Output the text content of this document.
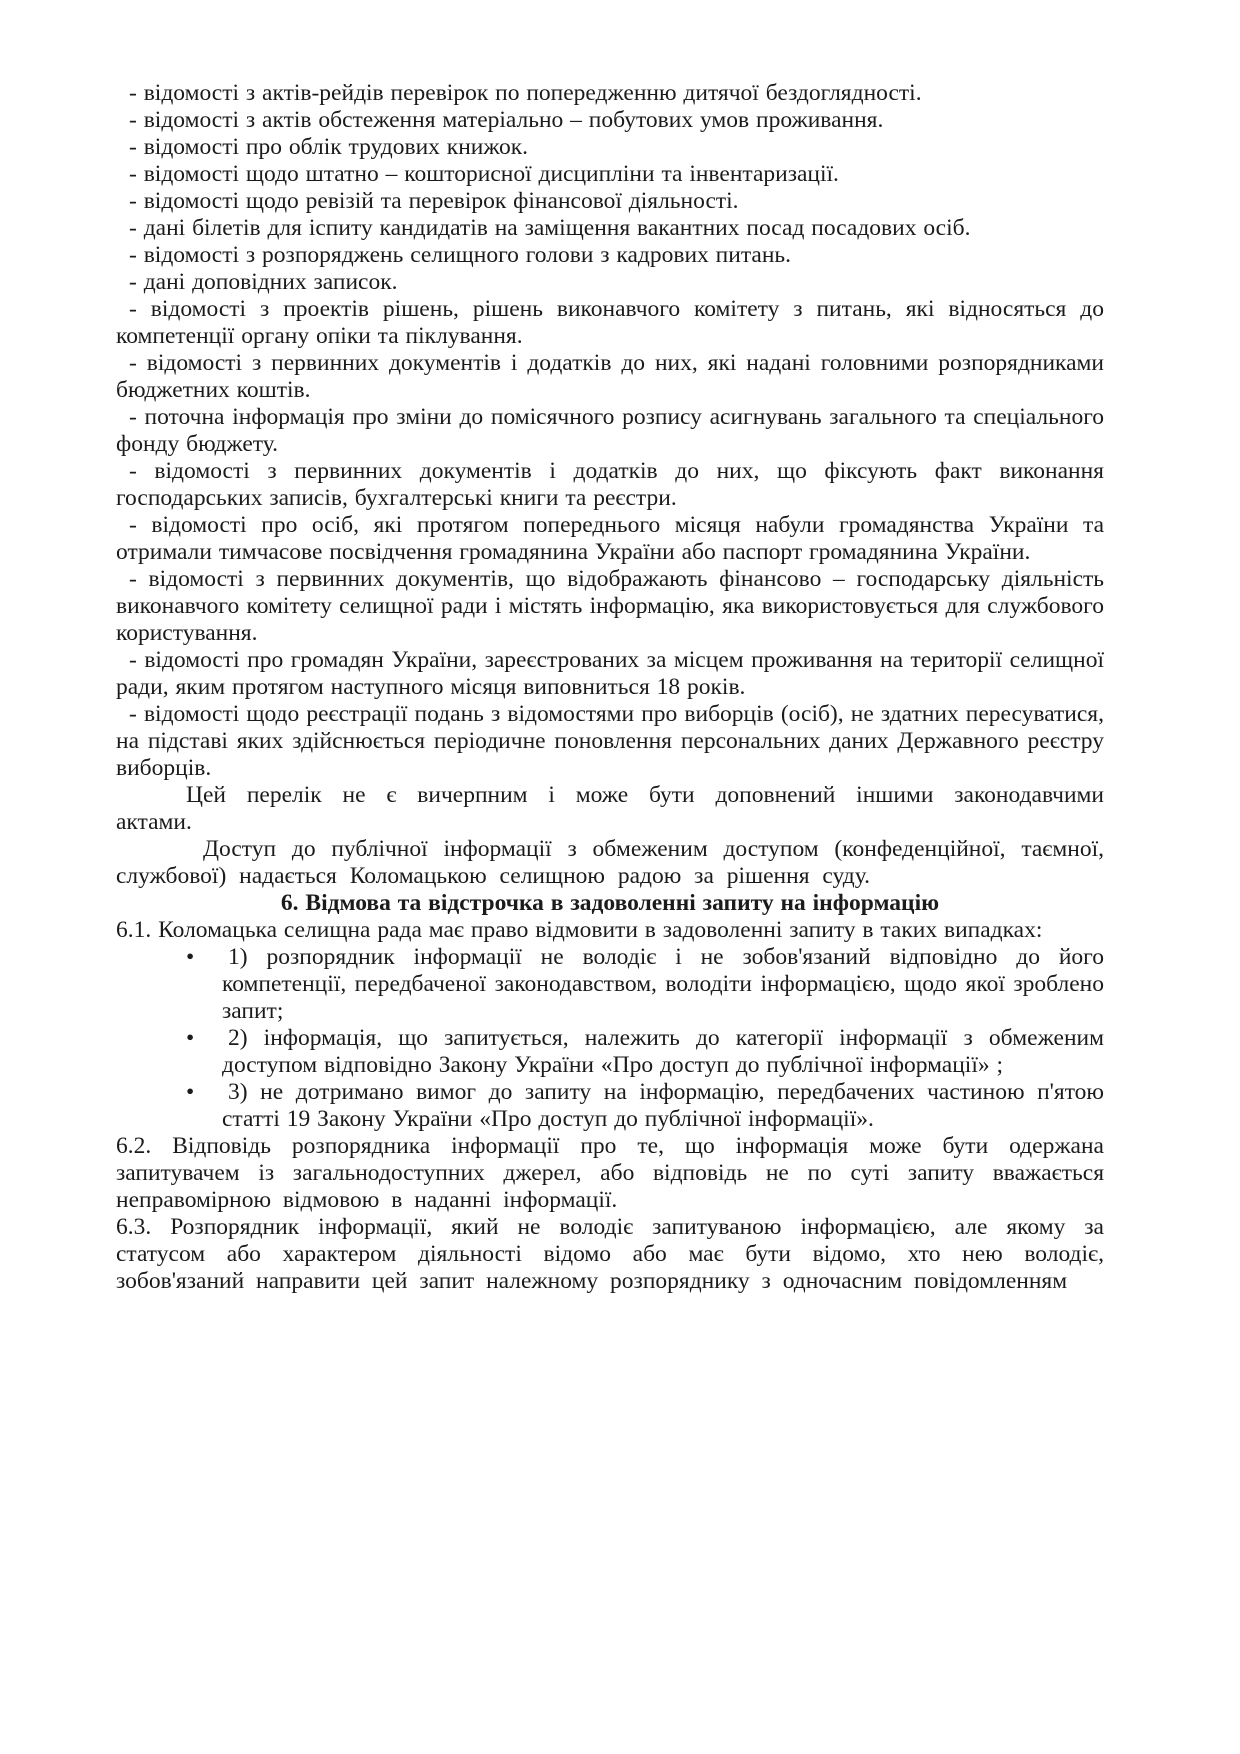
- відомості з актів-рейдів перевірок по попередженню дитячої бездоглядності.

- відомості з актів обстеження матеріально – побутових умов проживання.

- відомості про облік трудових книжок.

- відомості щодо штатно – кошторисної дисципліни та інвентаризації.

- відомості щодо ревізій та перевірок фінансової діяльності.

- дані білетів для іспиту кандидатів на заміщення вакантних посад посадових осіб.

- відомості з розпоряджень селищного голови з кадрових питань.

- дані доповідних записок.

- відомості з проектів рішень, рішень виконавчого комітету з питань, які відносяться до компетенції органу опіки та піклування.

- відомості з первинних документів і додатків до них, які надані головними розпорядниками бюджетних коштів.

- поточна інформація про зміни до помісячного розпису асигнувань загального та спеціального фонду бюджету.

- відомості з первинних документів і додатків до них, що фіксують факт виконання господарських записів, бухгалтерські книги та реєстри.

- відомості про осіб, які протягом попереднього місяця набули громадянства України та отримали тимчасове посвідчення громадянина України або паспорт громадянина України.

- відомості з первинних документів, що відображають фінансово – господарську діяльність виконавчого комітету селищної ради і містять інформацію, яка використовується для службового користування.

- відомості про громадян України, зареєстрованих за місцем проживання на території селищної ради, яким протягом наступного місяця виповниться 18 років.

- відомості щодо реєстрації подань з відомостями про виборців (осіб), не здатних пересуватися, на підставі яких здійснюється періодичне поновлення персональних даних Державного реєстру виборців.

Цей перелік не є вичерпним і може бути доповнений іншими законодавчими актами.

Доступ до публічної інформації з обмеженим доступом (конфеденційної, таємної, службової) надається Коломацькою селищною радою за рішення суду.

6. Відмова та відстрочка в задоволенні запиту на інформацію

6.1. Коломацька селищна рада має право відмовити в задоволенні запиту в таких випадках:

• 1) розпорядник інформації не володіє і не зобов'язаний відповідно до його компетенції, передбаченої законодавством, володіти інформацією, щодо якої зроблено запит;

• 2) інформація, що запитується, належить до категорії інформації з обмеженим доступом відповідно Закону України «Про доступ до публічної інформації» ;

• 3) не дотримано вимог до запиту на інформацію, передбачених частиною п'ятою статті 19 Закону України «Про доступ до публічної інформації».

6.2. Відповідь розпорядника інформації про те, що інформація може бути одержана запитувачем із загальнодоступних джерел, або відповідь не по суті запиту вважається неправомірною відмовою в наданні інформації.

6.3. Розпорядник інформації, який не володіє запитуваною інформацією, але якому за статусом або характером діяльності відомо або має бути відомо, хто нею володіє, зобов'язаний направити цей запит належному розпоряднику з одночасним повідомленням
